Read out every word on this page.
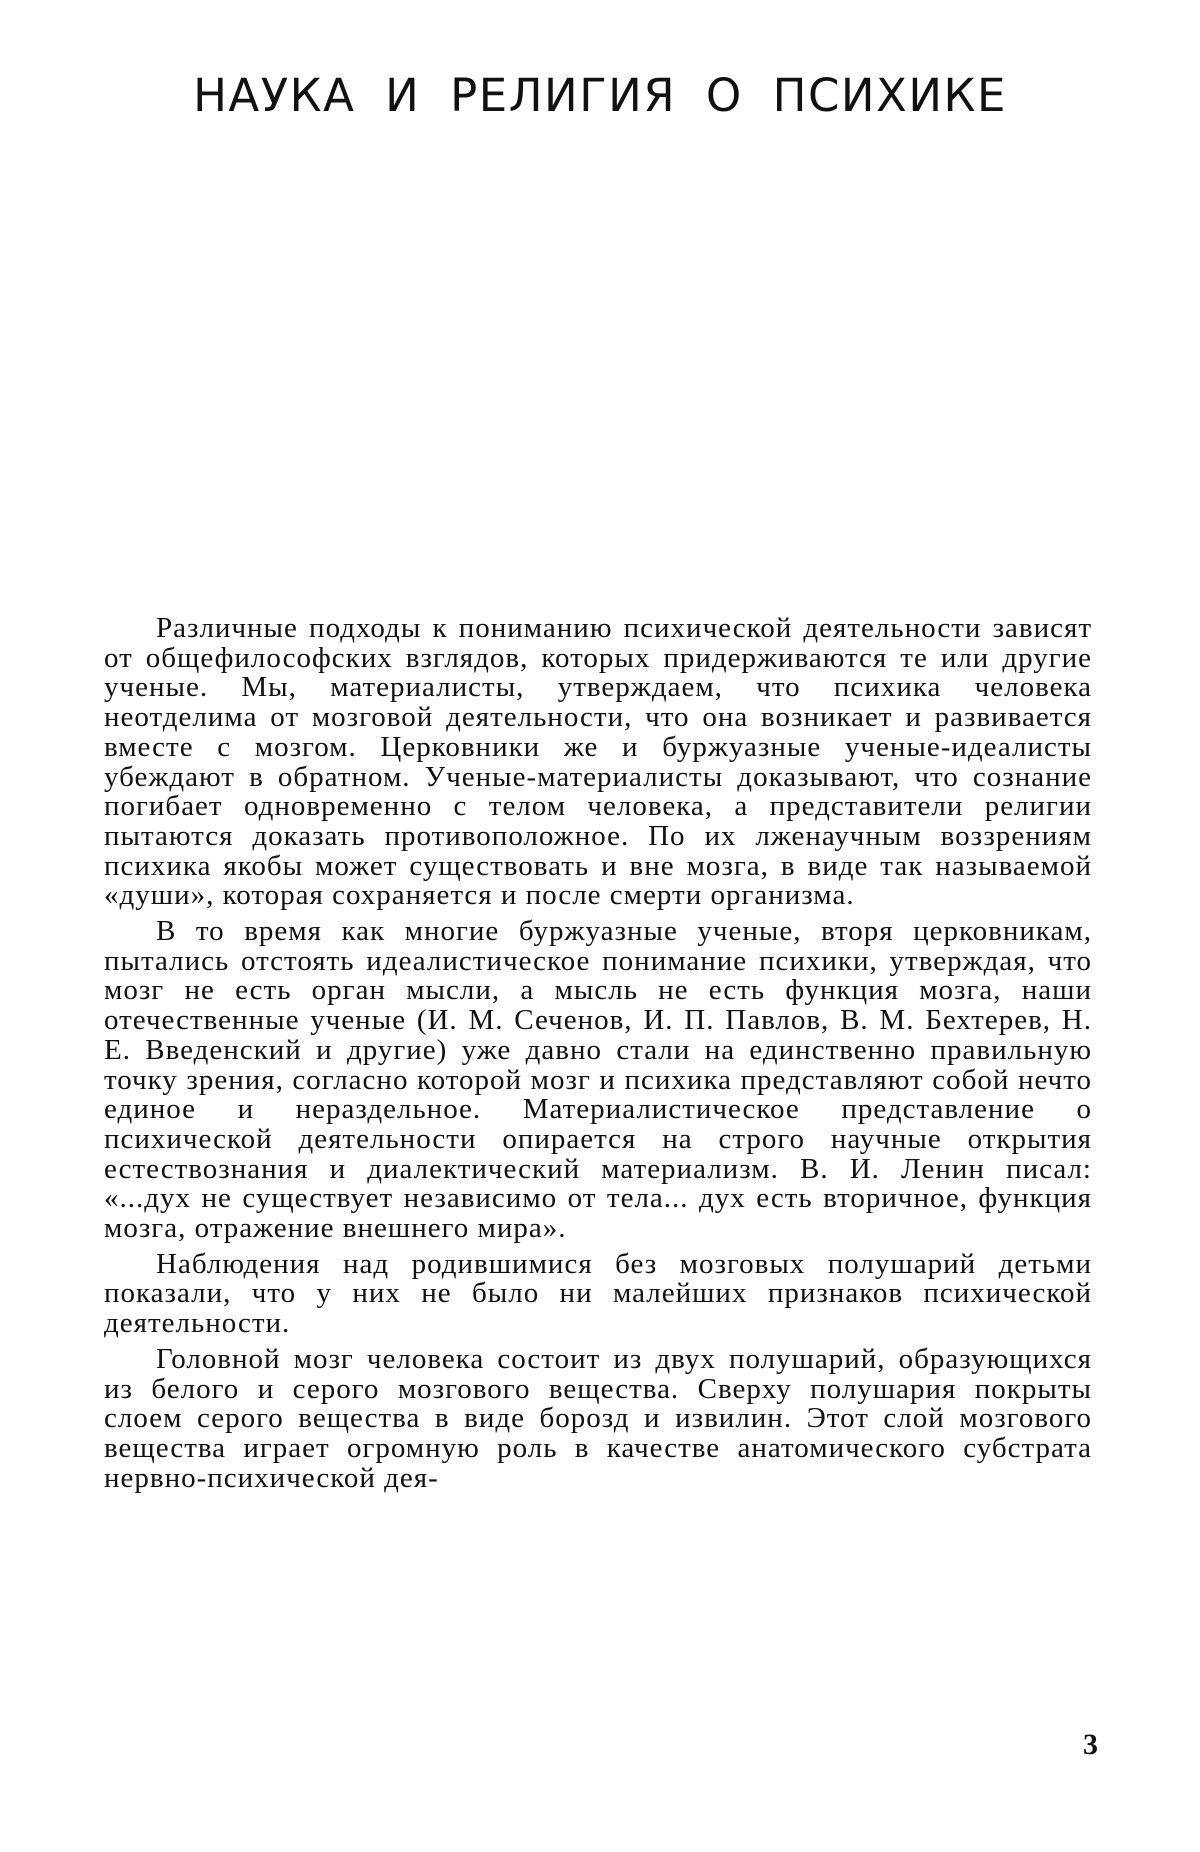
НАУКА И РЕЛИГИЯ О ПСИХИКЕ

Различные подходы к пониманию психической деятельности зависят от общефилософских взглядов, которых придерживаются те или другие ученые. Мы, материалисты, утверждаем, что психика человека неотделима от мозговой деятельности, что она возникает и развивается вместе с мозгом. Церковники же и буржуазные ученые-идеалисты убеждают в обратном. Ученые-материалисты доказывают, что сознание погибает одновременно с телом человека, а представители религии пытаются доказать противоположное. По их лженаучным воззрениям психика якобы может существовать и вне мозга, в виде так называемой «души», которая сохраняется и после смерти организма.

В то время как многие буржуазные ученые, вторя церковникам, пытались отстоять идеалистическое понимание психики, утверждая, что мозг не есть орган мысли, а мысль не есть функция мозга, наши отечественные ученые (И. М. Сеченов, И. П. Павлов, В. М. Бехтерев, Н. Е. Введенский и другие) уже давно стали на единственно правильную точку зрения, согласно которой мозг и психика представляют собой нечто единое и нераздельное. Материалистическое представление о психической деятельности опирается на строго научные открытия естествознания и диалектический материализм. В. И. Ленин писал: «...дух не существует независимо от тела... дух есть вторичное, функция мозга, отражение внешнего мира».

Наблюдения над родившимися без мозговых полушарий детьми показали, что у них не было ни малейших признаков психической деятельности.

Головной мозг человека состоит из двух полушарий, образующихся из белого и серого мозгового вещества. Сверху полушария покрыты слоем серого вещества в виде борозд и извилин. Этот слой мозгового вещества играет огромную роль в качестве анатомического субстрата нервно-психической дея-

3
